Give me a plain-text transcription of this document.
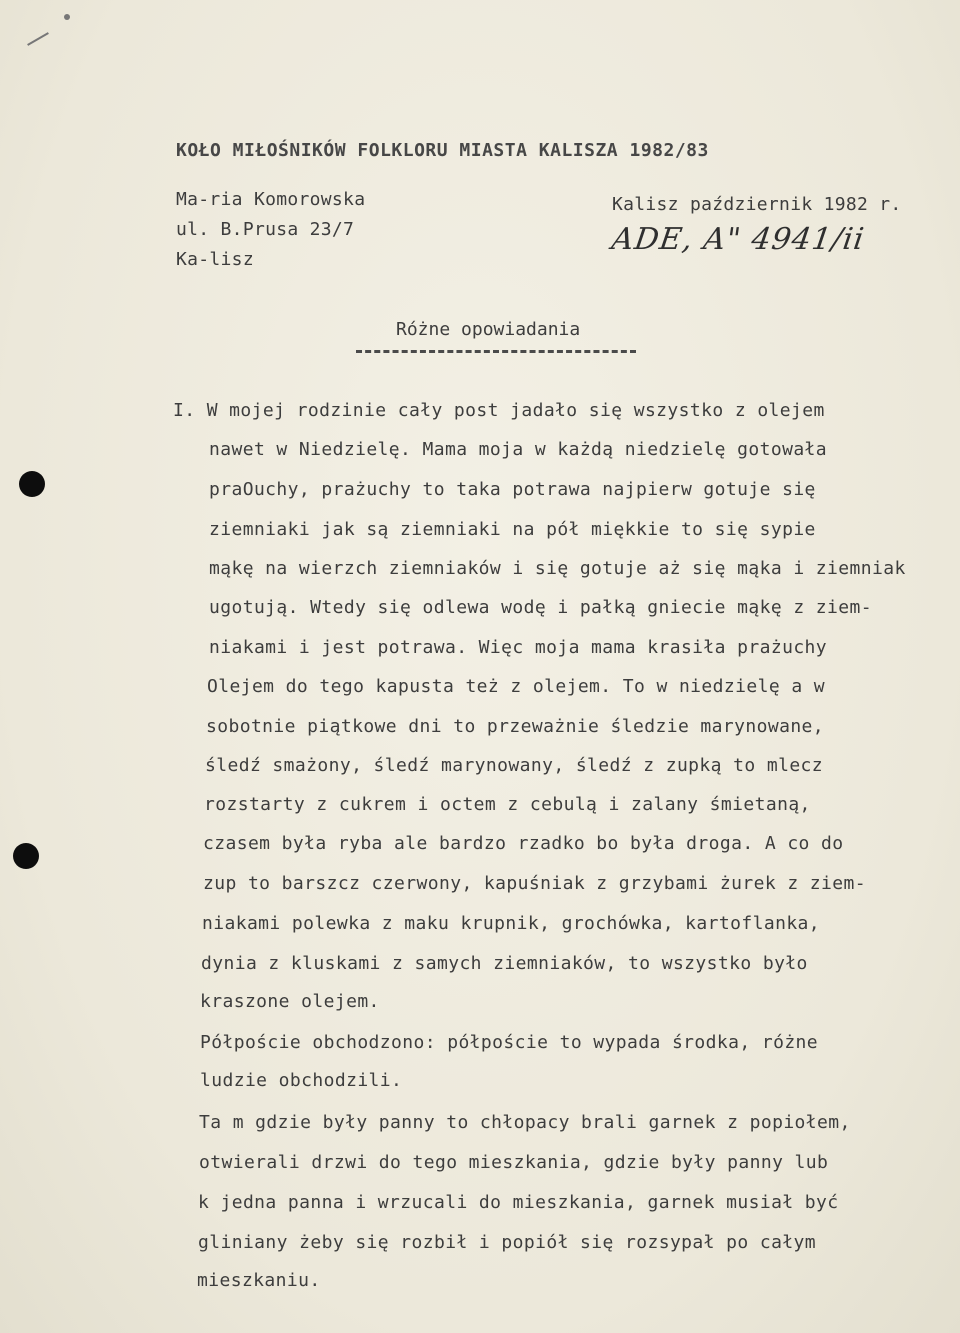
KOŁO MIŁOŚNIKÓW FOLKLORU MIASTA KALISZA 1982/83
Ma-ria Komorowska
ul. B.Prusa 23/7
Ka-lisz
Kalisz październik 1982 r.
ADE, A" 4941/ii
Różne opowiadania
I. W mojej rodzinie cały post jadało się wszystko z olejem
nawet w Niedzielę. Mama moja w każdą niedzielę gotowała
praOuchy, prażuchy to taka potrawa najpierw gotuje się
ziemniaki jak są ziemniaki na pół miękkie to się sypie
mąkę na wierzch ziemniaków i się gotuje aż się mąka i ziemniak
ugotują. Wtedy się odlewa wodę i pałką gniecie mąkę z ziem-
niakami i jest potrawa. Więc moja mama krasiła prażuchy
Olejem do tego kapusta też z olejem. To w niedzielę a w
sobotnie piątkowe dni to przeważnie śledzie marynowane,
śledź smażony, śledź marynowany, śledź z zupką to mlecz
rozstarty z cukrem i octem z cebulą i zalany śmietaną,
czasem była ryba ale bardzo rzadko bo była droga. A co do
zup to barszcz czerwony, kapuśniak z grzybami żurek z ziem-
niakami polewka z maku krupnik, grochówka, kartoflanka,
dynia z kluskami z samych ziemniaków, to wszystko było
kraszone olejem.
Półpoście obchodzono: półpoście to wypada środka, różne
ludzie obchodzili.
Ta m gdzie były panny to chłopacy brali garnek z popiołem,
otwierali drzwi do tego mieszkania, gdzie były panny lub
k jedna panna i wrzucali do mieszkania, garnek musiał być
gliniany żeby się rozbił i popiół się rozsypał po całym
mieszkaniu.
